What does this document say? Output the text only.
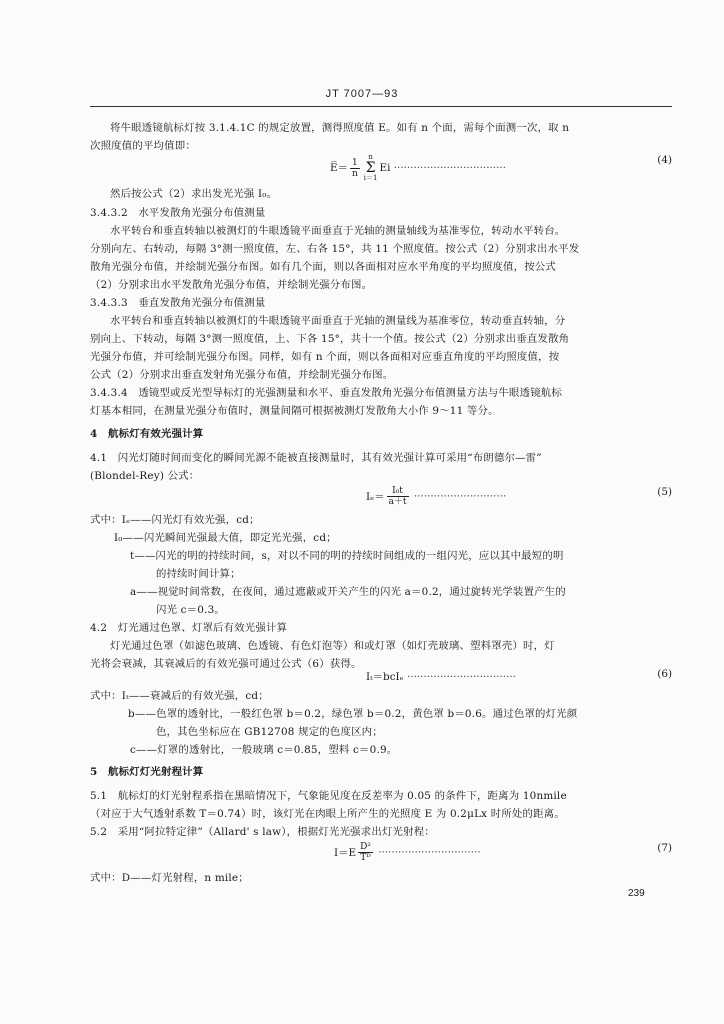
JT 7007—93
将牛眼透镜航标灯按 3.1.4.1C 的规定放置，测得照度值 E。如有 n 个面，需每个面测一次，取 n
次照度值的平均值即：
E̅＝ $\frac{1}{n}$
n
Σ
i＝1Ei ··································
(4)
然后按公式（2）求出发光光强 I₀。
3.4.3.2　水平发散角光强分布值测量
水平转台和垂直转轴以被测灯的牛眼透镜平面垂直于光轴的测量轴线为基准零位，转动水平转台。
分别向左、右转动，每隔 3°测一照度值，左、右各 15°，共 11 个照度值。按公式（2）分别求出水平发
散角光强分布值，并绘制光强分布图。如有几个面，则以各面相对应水平角度的平均照度值，按公式
（2）分别求出水平发散角光强分布值，并绘制光强分布图。
3.4.3.3　垂直发散角光强分布值测量
水平转台和垂直转轴以被测灯的牛眼透镜平面垂直于光轴的测量线为基准零位，转动垂直转轴，分
别向上、下转动，每隔 3°测一照度值，上、下各 15°，共十一个值。按公式（2）分别求出垂直发散角
光强分布值，并可绘制光强分布图。同样，如有 n 个面，则以各面相对应垂直角度的平均照度值，按
公式（2）分别求出垂直发射角光强分布值，并绘制光强分布图。
3.4.3.4　透镜型或反光型导标灯的光强测量和水平、垂直发散角光强分布值测量方法与牛眼透镜航标
灯基本相同，在测量光强分布值时，测量间隔可根据被测灯发散角大小作 9～11 等分。
4　航标灯有效光强计算
4.1　闪光灯随时间而变化的瞬间光源不能被直接测量时，其有效光强计算可采用“布朗德尔—雷”
(Blondel-Rey) 公式：
$I_e= \frac{\text{I₀t}}{a+t}$ ····························	(5)
式中：Iₑ——闪光灯有效光强，cd；
I₀——闪光瞬间光强最大值，即定光光强，cd；
t——闪光的明的持续时间，s，对以不同的明的持续时间组成的一组闪光，应以其中最短的明
的持续时间计算；
a——视觉时间常数，在夜间，通过遮蔽或开关产生的闪光 a＝0.2，通过旋转光学装置产生的
闪光 c＝0.3。
4.2　灯光通过色罩、灯罩后有效光强计算
灯光通过色罩（如滤色玻璃、色透镜、有色灯泡等）和或灯罩（如灯壳玻璃、塑料罩壳）时，灯
光将会衰减，其衰减后的有效光强可通过公式（6）获得。
Iₜ＝bcIₑ ·································	(6)
式中：Iₜ——衰减后的有效光强，cd；
b——色罩的透射比，一般红色罩 b＝0.2，绿色罩 b＝0.2，黄色罩 b＝0.6。通过色罩的灯光颜
色，其色坐标应在 GB12708 规定的色度区内；
c——灯罩的透射比，一般玻璃 c＝0.85，塑料 c＝0.9。
5　航标灯灯光射程计算
5.1　航标灯的灯光射程系指在黑暗情况下，气象能见度在反差率为 0.05 的条件下，距离为 10nmile
（对应于大气透射系数 T＝0.74）时，该灯光在肉眼上所产生的光照度 E 为 0.2μLx 时所处的距离。
5.2　采用“阿拉特定律”（Allard' s law），根据灯光光强求出灯光射程：
$I=E \frac{\text{D²}}{\text{Tᴰ}}$ ·······························	(7)
式中：D——灯光射程，n mile；
239
